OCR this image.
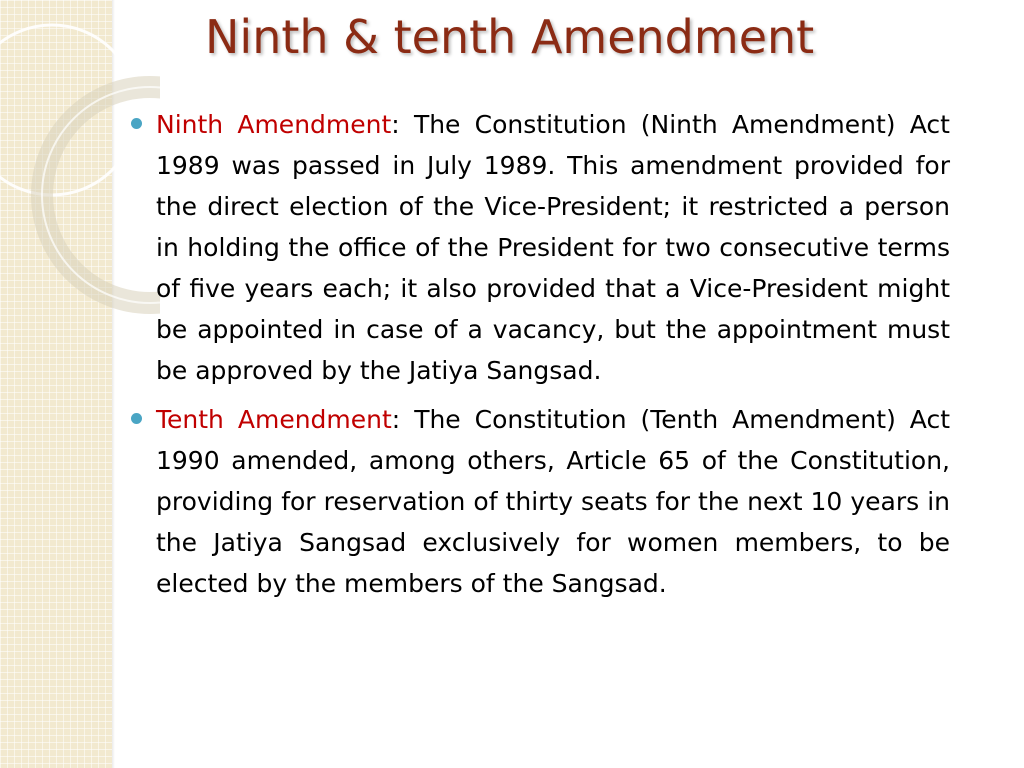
Ninth & tenth Amendment
Ninth Amendment: The Constitution (Ninth Amendment) Act 1989 was passed in July 1989. This amendment provided for the direct election of the Vice-President; it restricted a person in holding the office of the President for two consecutive terms of five years each; it also provided that a Vice-President might be appointed in case of a vacancy, but the appointment must be approved by the Jatiya Sangsad.
Tenth Amendment: The Constitution (Tenth Amendment) Act 1990 amended, among others, Article 65 of the Constitution, providing for reservation of thirty seats for the next 10 years in the Jatiya Sangsad exclusively for women members, to be elected by the members of the Sangsad.
